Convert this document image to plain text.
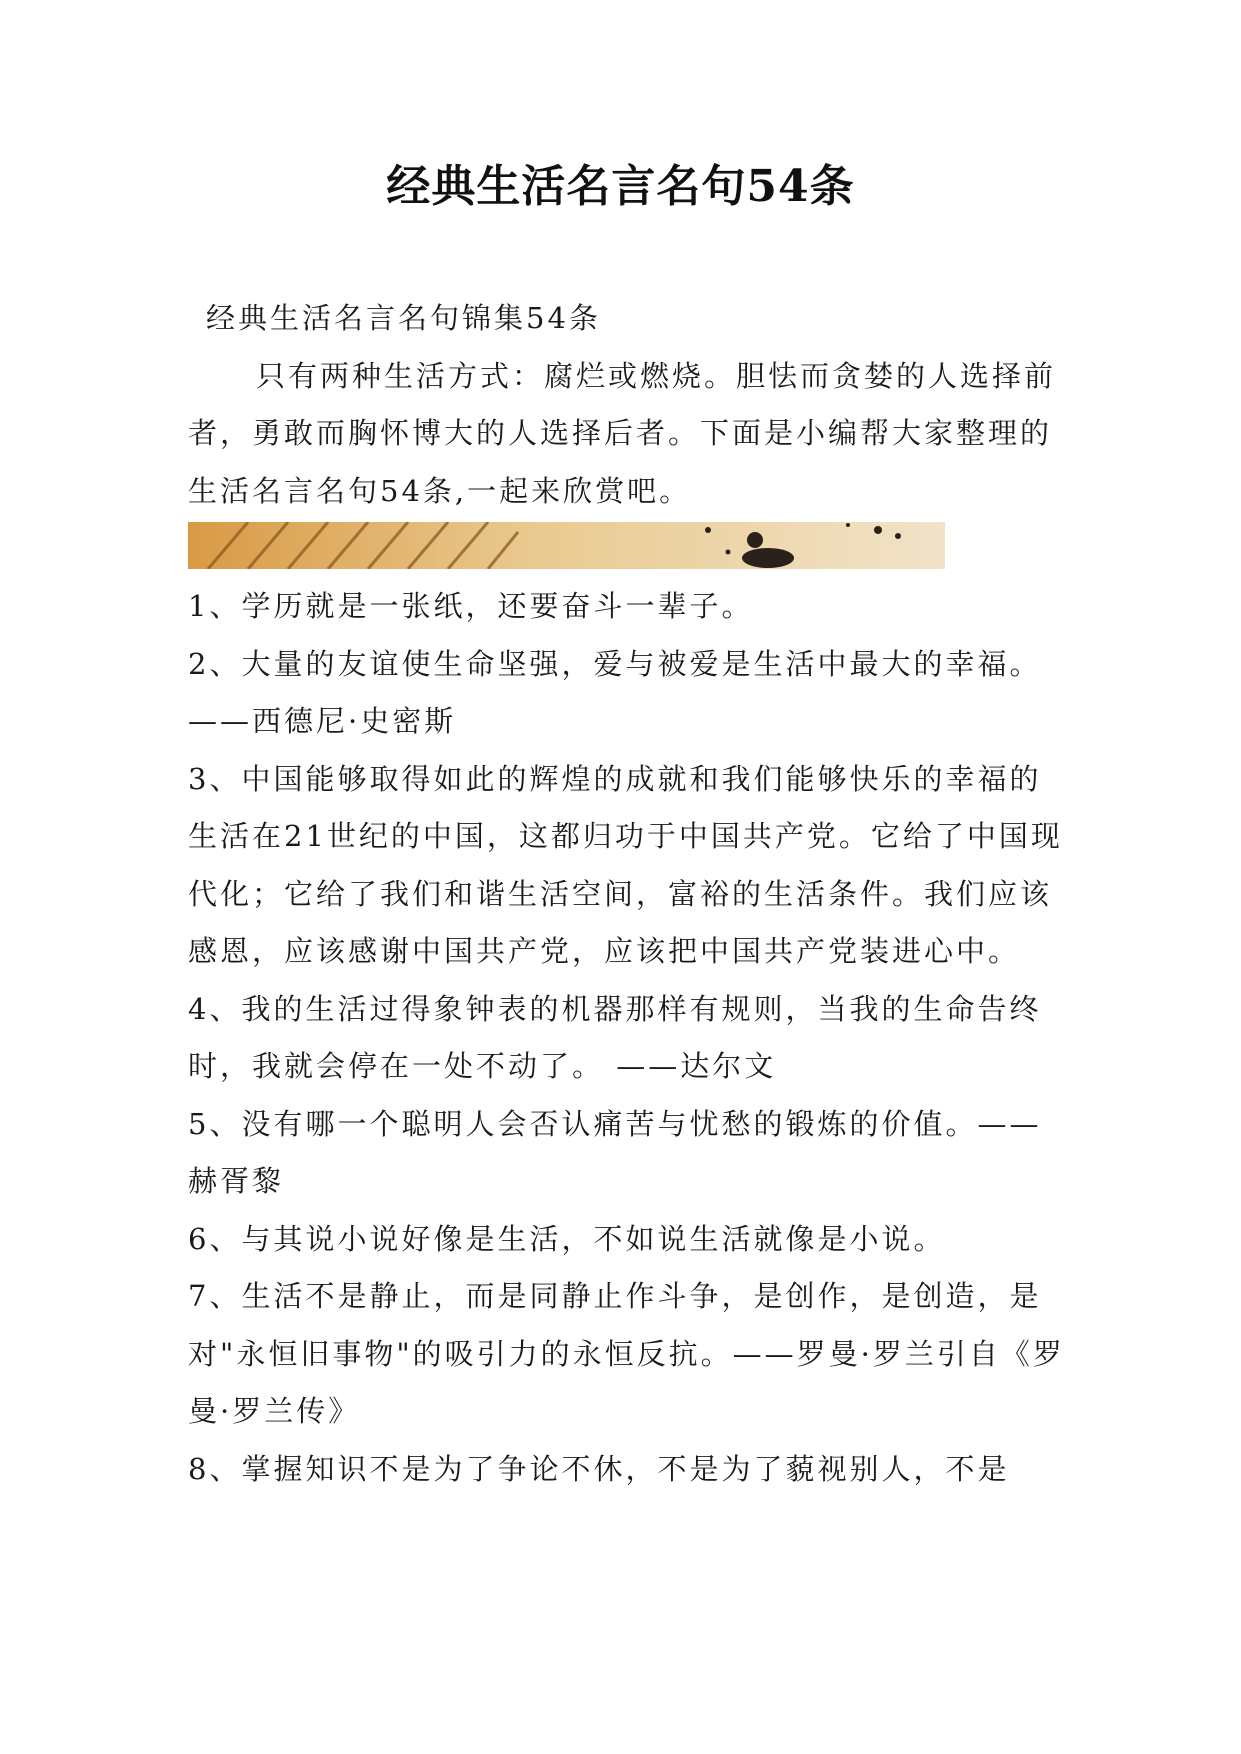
经典生活名言名句54条

经典生活名言名句锦集54条

只有两种生活方式：腐烂或燃烧。胆怯而贪婪的人选择前者，勇敢而胸怀博大的人选择后者。下面是小编帮大家整理的生活名言名句54条,一起来欣赏吧。

1、学历就是一张纸，还要奋斗一辈子。

2、大量的友谊使生命坚强，爱与被爱是生活中最大的幸福。——西德尼·史密斯

3、中国能够取得如此的辉煌的成就和我们能够快乐的幸福的生活在21世纪的中国，这都归功于中国共产党。它给了中国现代化；它给了我们和谐生活空间，富裕的生活条件。我们应该感恩，应该感谢中国共产党，应该把中国共产党装进心中。

4、我的生活过得象钟表的机器那样有规则，当我的生命告终时，我就会停在一处不动了。 ——达尔文

5、没有哪一个聪明人会否认痛苦与忧愁的锻炼的价值。——赫胥黎

6、与其说小说好像是生活，不如说生活就像是小说。

7、生活不是静止，而是同静止作斗争，是创作，是创造，是对"永恒旧事物"的吸引力的永恒反抗。——罗曼·罗兰引自《罗曼·罗兰传》

8、掌握知识不是为了争论不休，不是为了藐视别人，不是
